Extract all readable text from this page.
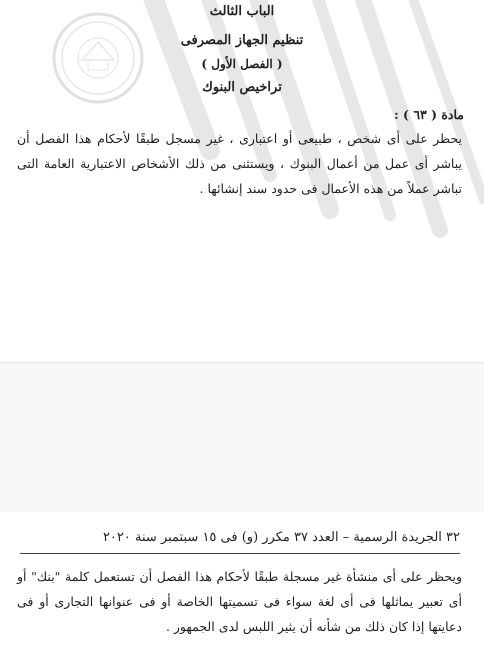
الباب الثالث
تنظيم الجهاز المصرفى
( الفصل الأول )
تراخيص البنوك
مادة ( ٦٣ ) :
يحظر على أى شخص ، طبيعى أو اعتبارى ، غير مسجل طبقًا لأحكام هذا الفصل أن يباشر أى عمل من أعمال البنوك ، ويستثنى من ذلك الأشخاص الاعتبارية العامة التى تباشر عملاً من هذه الأعمال فى حدود سند إنشائها .
٣٢ الجريدة الرسمية – العدد ٣٧ مكرر (و) فى ١٥ سبتمبر سنة ٢٠٢٠
ويحظر على أى منشأة غير مسجلة طبقًا لأحكام هذا الفصل أن تستعمل كلمة "بنك" أو أى تعبير يماثلها فى أى لغة سواء فى تسميتها الخاصة أو فى عنوانها التجارى أو فى دعايتها إذا كان ذلك من شأنه أن يثير اللبس لدى الجمهور .
